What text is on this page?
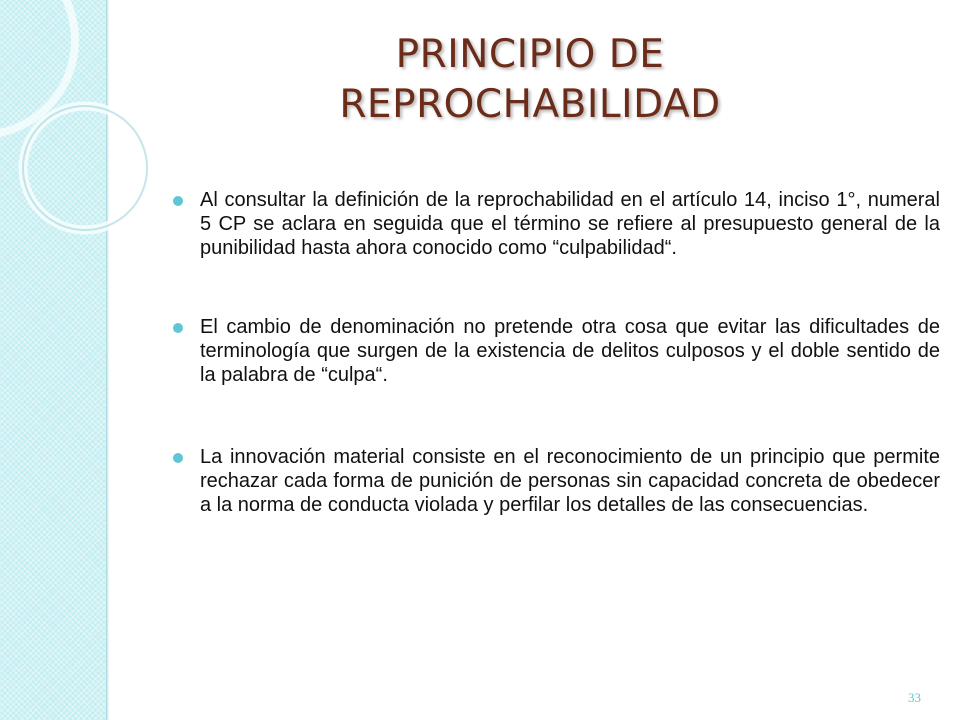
PRINCIPIO DE
REPROCHABILIDAD

Al consultar la definición de la reprochabilidad en el artículo 14, inciso 1°, numeral 5 CP se aclara en seguida que el término se refiere al presupuesto general de la punibilidad hasta ahora conocido como “culpabilidad“.

El cambio de denominación no pretende otra cosa que evitar las dificultades de terminología que surgen de la existencia de delitos culposos y el doble sentido de la palabra de “culpa“.

La innovación material consiste en el reconocimiento de un principio que permite rechazar cada forma de punición de personas sin capacidad concreta de obedecer a la norma de conducta violada y perfilar los detalles de las consecuencias.

33
